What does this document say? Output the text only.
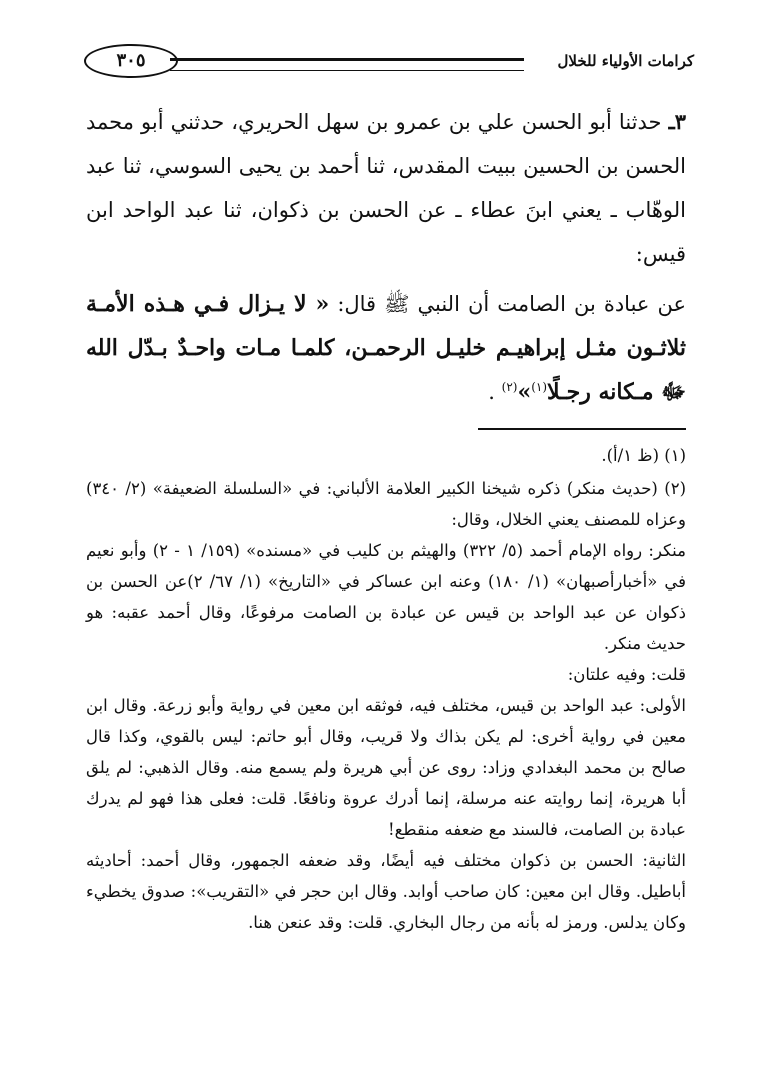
٣٠٥	كرامات الأولياء للخلال

٣ـ حدثنا أبو الحسن علي بن عمرو بن سهل الحريري، حدثني أبو محمد الحسن بن الحسين ببيت المقدس، ثنا أحمد بن يحيى السوسي، ثنا عبد الوهّاب ـ يعني ابنَ عطاء ـ عن الحسن بن ذكوان، ثنا عبد الواحد ابن قيس:

عن عبادة بن الصامت أن النبي ﷺ قال: « لا يـزال فـي هـذه الأمـة ثلاثـون مثـل إبراهيـم خليـل الرحمـن، كلمـا مـات واحـدٌ بـدّل الله ﷻ مـكانه رجـلًا$^{(١)}$»$^{(٢)}$ .

(١) (ظ ١/أ).

(٢) (حديث منكر) ذكره شيخنا الكبير العلامة الألباني: في «السلسلة الضعيفة» (٢/ ٣٤٠) وعزاه للمصنف يعني الخلال، وقال:

منكر: رواه الإمام أحمد (٥/ ٣٢٢) والهيثم بن كليب في «مسنده» (١٥٩/ ١ - ٢) وأبو نعيم في «أخبارأصبهان» (١/ ١٨٠) وعنه ابن عساكر في «التاريخ» (١/ ٦٧/ ٢)عن الحسن بن ذكوان عن عبد الواحد بن قيس عن عبادة بن الصامت مرفوعًا، وقال أحمد عقبه: هو حديث منكر.

قلت: وفيه علتان:

الأولى: عبد الواحد بن قيس، مختلف فيه، فوثقه ابن معين في رواية وأبو زرعة. وقال ابن معين في رواية أخرى: لم يكن بذاك ولا قريب، وقال أبو حاتم: ليس بالقوي، وكذا قال صالح بن محمد البغدادي وزاد: روى عن أبي هريرة ولم يسمع منه. وقال الذهبي: لم يلق أبا هريرة، إنما روايته عنه مرسلة، إنما أدرك عروة ونافعًا. قلت: فعلى هذا فهو لم يدرك عبادة بن الصامت، فالسند مع ضعفه منقطع!

الثانية: الحسن بن ذكوان مختلف فيه أيضًا، وقد ضعفه الجمهور، وقال أحمد: أحاديثه أباطيل. وقال ابن معين: كان صاحب أوابد. وقال ابن حجر في «التقريب»: صدوق يخطيء وكان يدلس. ورمز له بأنه من رجال البخاري. قلت: وقد عنعن هنا.
